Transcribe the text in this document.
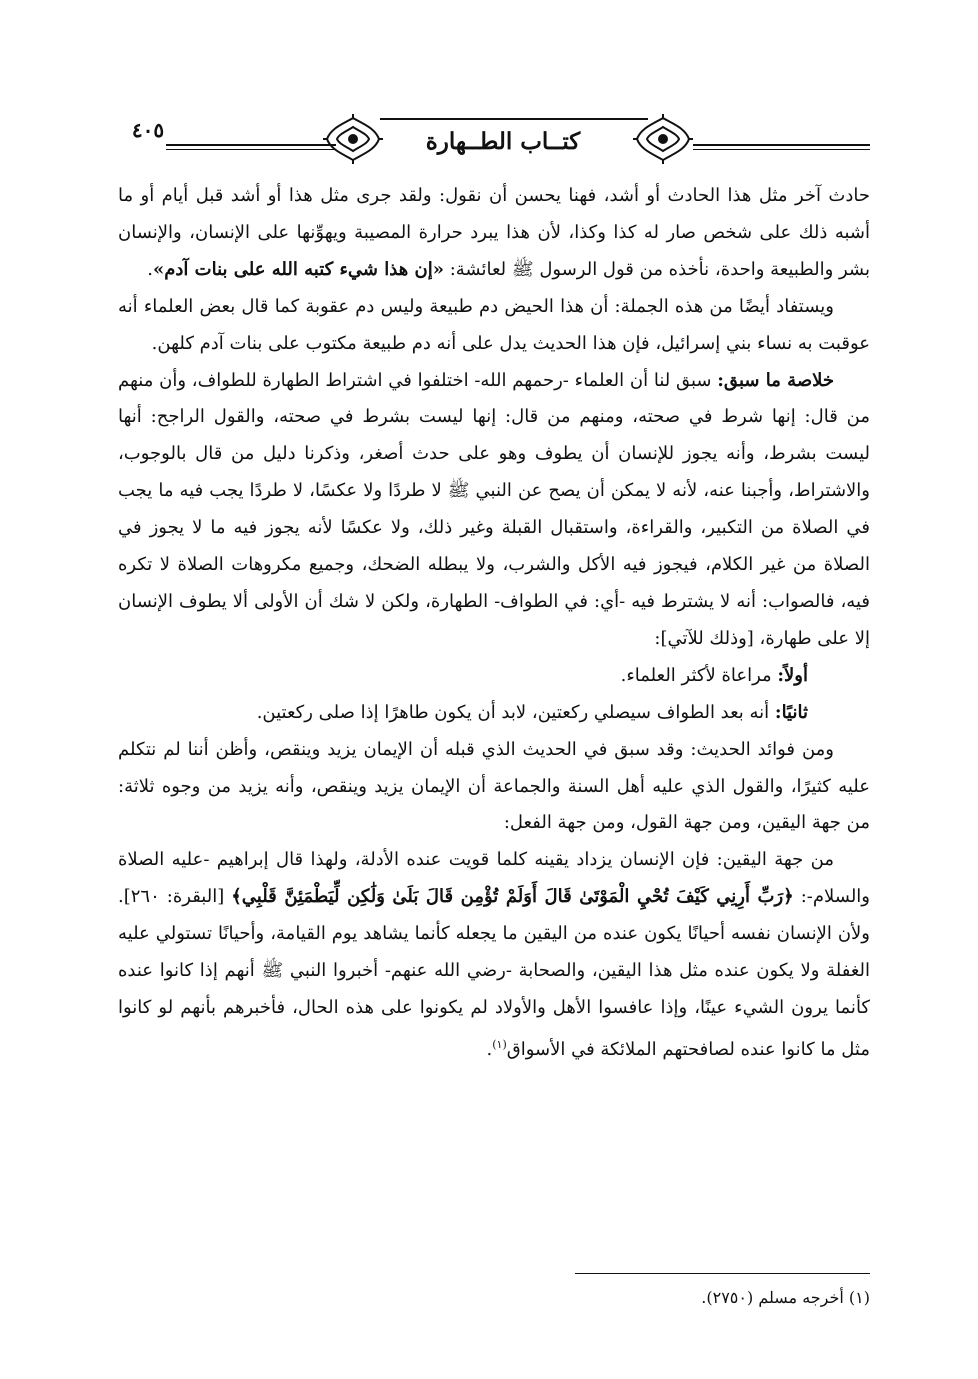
٤٠٥	كتــاب الطــهارة

حادث آخر مثل هذا الحادث أو أشد، فهنا يحسن أن نقول: ولقد جرى مثل هذا أو أشد قبل أيام أو ما أشبه ذلك على شخص صار له كذا وكذا، لأن هذا يبرد حرارة المصيبة ويهوِّنها على الإنسان، والإنسان بشر والطبيعة واحدة، نأخذه من قول الرسول ﷺ لعائشة: «إن هذا شيء كتبه الله على بنات آدم».

ويستفاد أيضًا من هذه الجملة: أن هذا الحيض دم طبيعة وليس دم عقوبة كما قال بعض العلماء أنه عوقبت به نساء بني إسرائيل، فإن هذا الحديث يدل على أنه دم طبيعة مكتوب على بنات آدم كلهن.

خلاصة ما سبق: سبق لنا أن العلماء -رحمهم الله- اختلفوا في اشتراط الطهارة للطواف، وأن منهم من قال: إنها شرط في صحته، ومنهم من قال: إنها ليست بشرط في صحته، والقول الراجح: أنها ليست بشرط، وأنه يجوز للإنسان أن يطوف وهو على حدث أصغر، وذكرنا دليل من قال بالوجوب، والاشتراط، وأجبنا عنه، لأنه لا يمكن أن يصح عن النبي ﷺ لا طردًا ولا عكسًا، لا طردًا يجب فيه ما يجب في الصلاة من التكبير، والقراءة، واستقبال القبلة وغير ذلك، ولا عكسًا لأنه يجوز فيه ما لا يجوز في الصلاة من غير الكلام، فيجوز فيه الأكل والشرب، ولا يبطله الضحك، وجميع مكروهات الصلاة لا تكره فيه، فالصواب: أنه لا يشترط فيه -أي: في الطواف- الطهارة، ولكن لا شك أن الأولى ألا يطوف الإنسان إلا على طهارة، [وذلك للآتي]:

أولاً: مراعاة لأكثر العلماء.

ثانيًا: أنه بعد الطواف سيصلي ركعتين، لابد أن يكون طاهرًا إذا صلى ركعتين.

ومن فوائد الحديث: وقد سبق في الحديث الذي قبله أن الإيمان يزيد وينقص، وأظن أننا لم نتكلم عليه كثيرًا، والقول الذي عليه أهل السنة والجماعة أن الإيمان يزيد وينقص، وأنه يزيد من وجوه ثلاثة: من جهة اليقين، ومن جهة القول، ومن جهة الفعل:

من جهة اليقين: فإن الإنسان يزداد يقينه كلما قويت عنده الأدلة، ولهذا قال إبراهيم -عليه الصلاة والسلام-: ﴿رَبِّ أَرِنِي كَيْفَ تُحْيِ الْمَوْتَىٰ قَالَ أَوَلَمْ تُؤْمِن قَالَ بَلَىٰ وَلَٰكِن لِّيَطْمَئِنَّ قَلْبِي﴾ [البقرة: ٢٦٠]. ولأن الإنسان نفسه أحيانًا يكون عنده من اليقين ما يجعله كأنما يشاهد يوم القيامة، وأحيانًا تستولي عليه الغفلة ولا يكون عنده مثل هذا اليقين، والصحابة -رضي الله عنهم- أخبروا النبي ﷺ أنهم إذا كانوا عنده كأنما يرون الشيء عينًا، وإذا عافسوا الأهل والأولاد لم يكونوا على هذه الحال، فأخبرهم بأنهم لو كانوا مثل ما كانوا عنده لصافحتهم الملائكة في الأسواق$^{(١)}$.

(١) أخرجه مسلم (٢٧٥٠).
